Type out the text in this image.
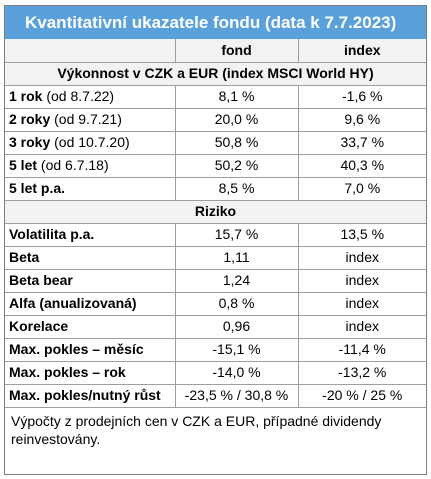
Kvantitativní ukazatele fondu (data k 7.7.2023)
	fond	index
Výkonnost v CZK a EUR (index MSCI World HY)		
1 rok (od 8.7.22)	8,1 %	-1,6 %
2 roky (od 9.7.21)	20,0 %	9,6 %
3 roky (od 10.7.20)	50,8 %	33,7 %
5 let (od 6.7.18)	50,2 %	40,3 %
5 let p.a.	8,5 %	7,0 %
Riziko		
Volatilita p.a.	15,7 %	13,5 %
Beta	1,11	index
Beta bear	1,24	index
Alfa (anualizovaná)	0,8 %	index
Korelace	0,96	index
Max. pokles – měsíc	-15,1 %	-11,4 %
Max. pokles – rok	-14,0 %	-13,2 %
Max. pokles/nutný růst	-23,5 % / 30,8 %	-20 % / 25 %
Výpočty z prodejních cen v CZK a EUR, případné dividendy reinvestovány.
